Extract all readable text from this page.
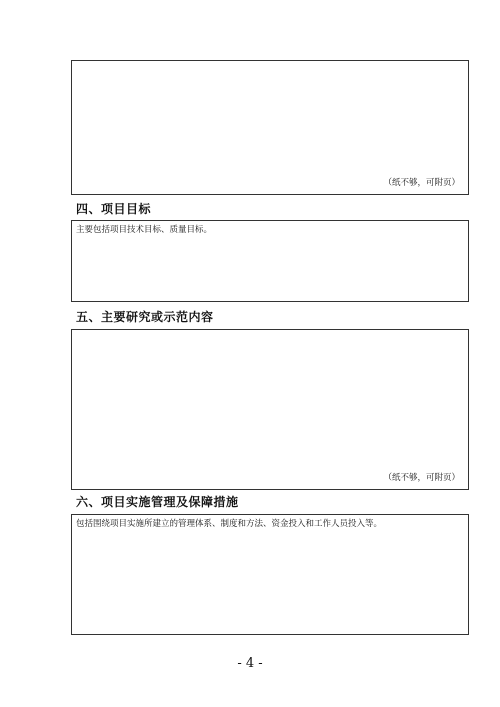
（纸不够，可附页）
四、项目目标
主要包括项目技术目标、质量目标。
五、主要研究或示范内容
（纸不够，可附页）
六、项目实施管理及保障措施
包括围绕项目实施所建立的管理体系、制度和方法、资金投入和工作人员投入等。
- 4 -
